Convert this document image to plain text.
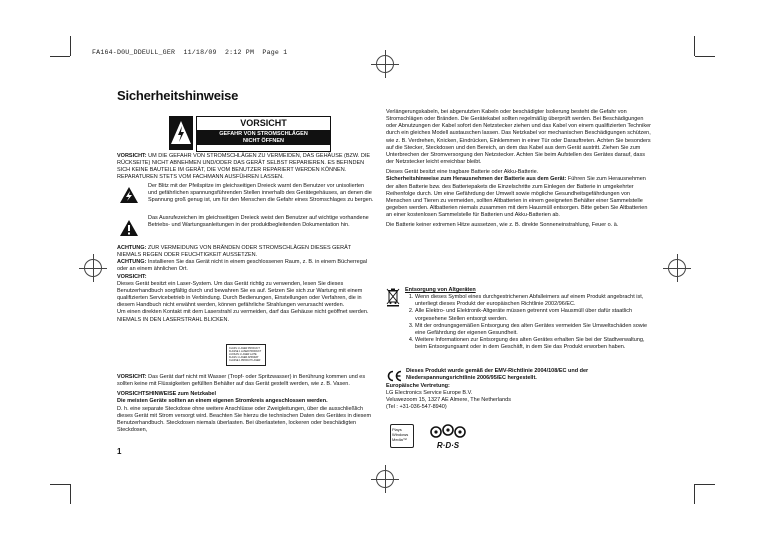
FA164-D0U_DDEULL_GER  11/18/09  2:12 PM  Page 1
Sicherheitshinweise
VORSICHT
GEFAHR VON STROMSCHLÄGEN
NICHT ÖFFNEN

VORSICHT: UM DIE GEFAHR VON STROMSCHLÄGEN ZU VERMEIDEN, DAS GEHÄUSE (BZW. DIE RÜCKSEITE) NICHT ABNEHMEN UND/ODER DAS GERÄT SELBST REPARIEREN. ES BEFINDEN SICH KEINE BAUTEILE IM GERÄT, DIE VOM BENUTZER REPARIERT WERDEN KÖNNEN. REPARATUREN STETS VOM FACHMANN AUSFÜHREN LASSEN.

Der Blitz mit der Pfeilspitze im gleichseitigen Dreieck warnt den Benutzer vor unisolierten und gefährlichen spannungsführenden Stellen innerhalb des Gerätegehäuses, an denen die Spannung groß genug ist, um für den Menschen die Gefahr eines Stromschlages zu bergen.
Das Ausrufezeichen im gleichseitigen Dreieck weist den Benutzer auf wichtige vorhandene Betriebs- und Wartungsanleitungen in der produktbegleitenden Dokumentation hin.

ACHTUNG: ZUR VERMEIDUNG VON BRÄNDEN ODER STROMSCHLÄGEN DIESES GERÄT NIEMALS REGEN ODER FEUCHTIGKEIT AUSSETZEN.

ACHTUNG: Installieren Sie das Gerät nicht in einem geschlossenen Raum, z. B. in einem Bücherregal oder an einem ähnlichen Ort.

VORSICHT:

Dieses Gerät besitzt ein Laser-System. Um das Gerät richtig zu verwenden, lesen Sie dieses Benutzerhandbuch sorgfältig durch und bewahren Sie es auf. Setzen Sie sich zur Wartung mit einem qualifizierten Servicebetrieb in Verbindung. Durch Bedienungen, Einstellungen oder Verfahren, die in diesem Handbuch nicht erwähnt werden, können gefährliche Strahlungen verursacht werden.

Um einen direkten Kontakt mit dem Laserstrahl zu vermeiden, darf das Gehäuse nicht geöffnet werden. NIEMALS IN DEN LASERSTRAHL BLICKEN.

CLASS 1 LASER PRODUCT
KLASSE 1 LASER PRODUKT
LUOKAN 1 LASER LAITE
KLASS 1 LASER APPARAT
CLASSE 1 PRODUIT LASER

VORSICHT: Das Gerät darf nicht mit Wasser (Tropf- oder Spritzwasser) in Berührung kommen und es sollten keine mit Flüssigkeiten gefüllten Behälter auf das Gerät gestellt werden, wie z. B. Vasen.

VORSICHTSHINWEISE zum Netzkabel

Die meisten Geräte sollten an einem eigenen Stromkreis angeschlossen werden.

D. h. eine separate Steckdose ohne weitere Anschlüsse oder Zweigleitungen, über die ausschließlich dieses Gerät mit Strom versorgt wird. Beachten Sie hierzu die technischen Daten des Gerätes in diesem Benutzerhandbuch. Steckdosen niemals überlasten. Bei überlasteten, lockeren oder beschädigten Steckdosen,

1

Verlängerungskabeln, bei abgenutzten Kabeln oder beschädigter Isolierung besteht die Gefahr von Stromschlägen oder Bränden. Die Gerätekabel sollten regelmäßig überprüft werden. Bei Beschädigungen oder Abnutzungen der Kabel sofort den Netzstecker ziehen und das Kabel von einem qualifizierten Techniker durch ein gleiches Modell austauschen lassen. Das Netzkabel vor mechanischen Beschädigungen schützen, wie z. B. Verdrehen, Knicken, Eindrücken, Einklemmen in einer Tür oder Darauftreten. Achten Sie besonders auf die Stecker, Steckdosen und den Bereich, an dem das Kabel aus dem Gerät austritt. Ziehen Sie zum Unterbrechen der Stromversorgung den Netzstecker. Achten Sie beim Aufstellen des Gerätes darauf, dass der Netzstecker leicht erreichbar bleibt.

Dieses Gerät besitzt eine tragbare Batterie oder Akku-Batterie.

Sicherheitshinweise zum Herausnehmen der Batterie aus dem Gerät: Führen Sie zum Herausnehmen der alten Batterie bzw. des Batteriepakets die Einzelschritte zum Einlegen der Batterie in umgekehrter Reihenfolge durch. Um eine Gefährdung der Umwelt sowie mögliche Gesundheitsgefährdungen von Menschen und Tieren zu vermeiden, sollten Altbatterien in einem geeigneten Behälter einer Sammelstelle gegeben werden. Altbatterien niemals zusammen mit dem Hausmüll entsorgen. Bitte geben Sie Altbatterien an einer kostenlosen Sammelstelle für Batterien und Akku-Batterien ab.

Die Batterie keiner extremen Hitze aussetzen, wie z. B. direkte Sonneneinstrahlung, Feuer o. ä.

Entsorgung von Altgeräten

1. Wenn dieses Symbol eines durchgestrichenen Abfalleimers auf einem Produkt angebracht ist, unterliegt dieses Produkt der europäischen Richtlinie 2002/96/EC.
2. Alle Elektro- und Elektronik-Altgeräte müssen getrennt vom Hausmüll über dafür staatlich vorgesehene Stellen entsorgt werden.
3. Mit der ordnungsgemäßen Entsorgung des alten Gerätes vermeiden Sie Umweltschäden sowie eine Gefährdung der eigenen Gesundheit.
4. Weitere Informationen zur Entsorgung des alten Gerätes erhalten Sie bei der Stadtverwaltung, beim Entsorgungsamt oder in dem Geschäft, in dem Sie das Produkt erworben haben.
Dieses Produkt wurde gemäß der EMV-Richtlinie 2004/108/EC und der Niederspannungsrichtlinie 2006/95/EC hergestellt.

Europäische Vertretung:

LG Electronics Service Europe B.V.

Veluwezoom 15, 1327 AE Almere, The Netherlands

(Tel : +31-036-547-8940)

Plays
Windows
Media™
R·D·S
